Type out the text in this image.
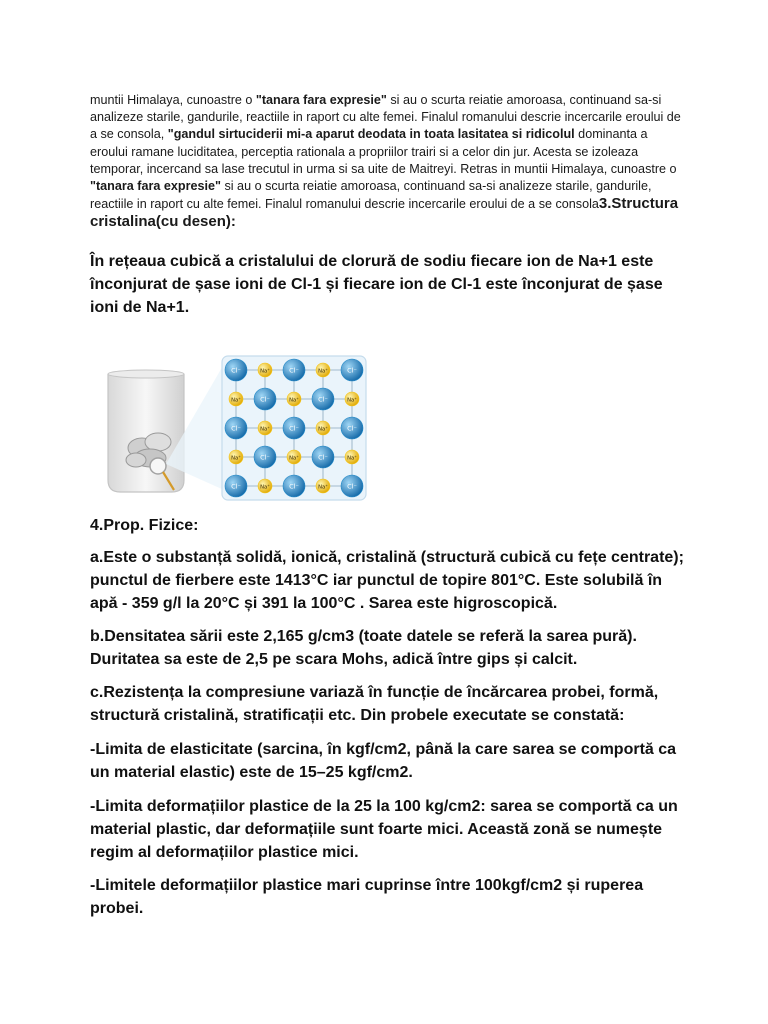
muntii Himalaya, cunoastre o "tanara fara expresie" si au o scurta reiatie amoroasa, continuand sa-si analizeze starile, gandurile, reactiile in raport cu alte femei. Finalul romanului descrie incercarile eroului de a se consola, "gandul sirtuciderii mi-a aparut deodata in toata lasitatea si ridicolul dominanta a eroului ramane luciditatea, perceptia rationala a propriilor trairi si a celor din jur. Acesta se izoleaza temporar, incercand sa lase trecutul in urma si sa uite de Maitreyi. Retras in muntii Himalaya, cunoastre o "tanara fara expresie" si au o scurta reiatie amoroasa, continuand sa-si analizeze starile, gandurile, reactiile in raport cu alte femei. Finalul romanului descrie incercarile eroului de a se consola3.Structura cristalina(cu desen):
În rețeaua cubică a cristalului de clorură de sodiu fiecare ion de Na+1 este înconjurat de șase ioni de Cl-1 și fiecare ion de Cl-1 este înconjurat de șase ioni de Na+1.
Cl⁻	Na⁺	Cl⁻	Na⁺	Cl⁻
Na⁺	Cl⁻	Na⁺	Cl⁻	Na⁺
Cl⁻	Na⁺	Cl⁻	Na⁺	Cl⁻
Na⁺	Cl⁻	Na⁺	Cl⁻	Na⁺
Cl⁻	Na⁺	Cl⁻	Na⁺	Cl⁻
4.Prop. Fizice:
a.Este o substanță solidă, ionică, cristalină (structură cubică cu fețe centrate); punctul de fierbere este 1413°C iar punctul de topire 801°C. Este solubilă în apă - 359 g/l la 20°C și 391 la 100°C . Sarea este higroscopică.
b.Densitatea sării este 2,165 g/cm3 (toate datele se referă la sarea pură). Duritatea sa este de 2,5 pe scara Mohs, adică între gips și calcit.
c.Rezistența la compresiune variază în funcție de încărcarea probei, formă, structură cristalină, stratificații etc. Din probele executate se constată:
-Limita de elasticitate (sarcina, în kgf/cm2, până la care sarea se comportă ca un material elastic) este de 15–25 kgf/cm2.
-Limita deformațiilor plastice de la 25 la 100 kg/cm2: sarea se comportă ca un material plastic, dar deformațiile sunt foarte mici. Această zonă se numește regim al deformațiilor plastice mici.
-Limitele deformațiilor plastice mari cuprinse între 100kgf/cm2 și ruperea probei.
